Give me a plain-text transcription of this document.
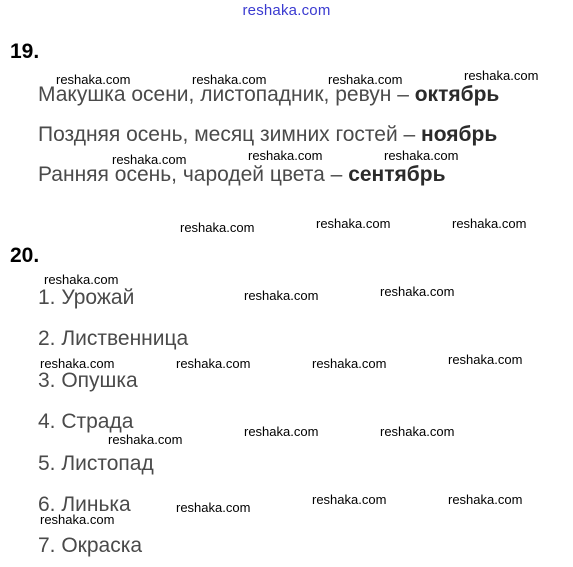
reshaka.com
19.
Макушка осени, листопадник, ревун – октябрь
Поздняя осень, месяц зимних гостей – ноябрь
Ранняя осень, чародей цвета – сентябрь
20.
1. Урожай
2. Лиственница
3. Опушка
4. Страда
5. Листопад
6. Линька
7. Окраска
reshaka.com	reshaka.com	reshaka.com	reshaka.com
reshaka.com	reshaka.com	reshaka.com
reshaka.com	reshaka.com	reshaka.com
reshaka.com
reshaka.com	reshaka.com
reshaka.com	reshaka.com	reshaka.com	reshaka.com
reshaka.com
reshaka.com	reshaka.com
reshaka.com	reshaka.com
reshaka.com
reshaka.com
